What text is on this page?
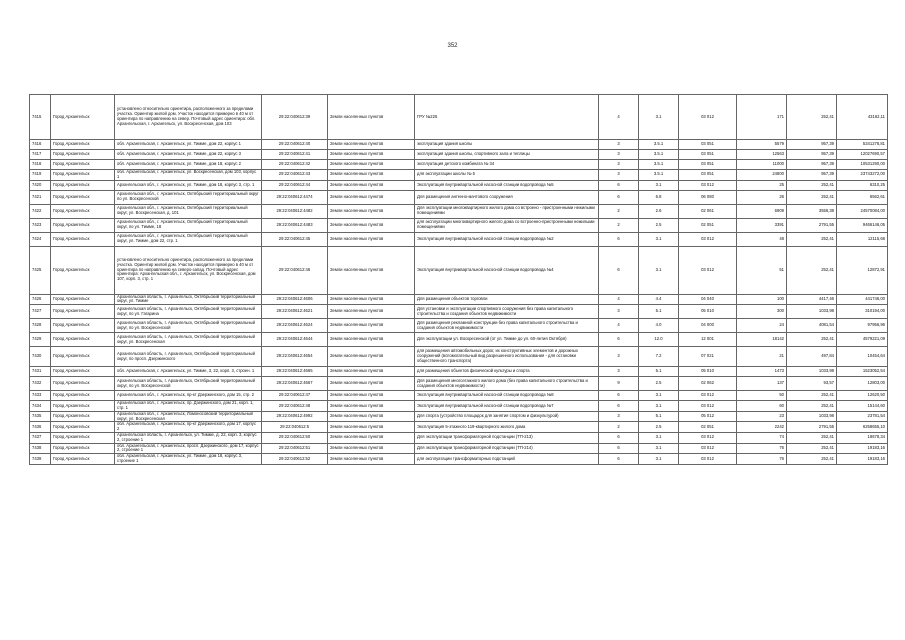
352
7415	Город Архангельск	установлено относительно ориентира, расположенного за пределами участка. Ориентир жилой дом. Участок находится примерно в 40 м от ориентира по направлению на север. Почтовый адрес ориентира: обл. Архангельская, г. Архангельск, ул. Воскресенская, дом 103	29:22:040612:39	Земли населенных пунктов	ГРУ №225	4	3.1	03 012	171	252,41	43162,11
7416	Город Архангельск	обл. Архангельская, г. Архангельск, ул. Тимме, дом 22, корпус 1	29:22:040612:40	Земли населенных пунктов	эксплуатация здания школы	3	3.5.1	03 051	5579	957,39	5341278,81
7417	Город Архангельск	обл. Архангельская, г. Архангельск, ул. Тимме, дом 22, корпус 3	29:22:040612:41	Земли населенных пунктов	эксплуатация здания школы, спортивного зала и теплицы	3	3.5.1	03 051	12563	957,39	12027690,57
7418	Город Архангельск	обл. Архангельская, г. Архангельск, ул. Тимме, дом 18, корпус 2	29:22:040612:42	Земли населенных пунктов	эксплуатация детского комбината № 34	3	3.5.1	03 051	11000	957,39	10531290,00
7419	Город Архангельск	обл. Архангельская, г. Архангельск, ул. Воскресенская, дом 103, корпус 1	29:22:040612:43	Земли населенных пунктов	для эксплуатации школы № 5	3	3.5.1	03 051	24800	957,39	23743272,00
7420	Город Архангельск	Архангельская обл., г. Архангельск, ул. Тимме, дом 18, корпус 3, стр. 1	29:22:040612:44	Земли населенных пунктов	Эксплуатация внутриквартальной насосной станции водопровода №5	6	3.1	03 012	25	252,41	6310,25
7421	Город Архангельск	Архангельская обл., г. Архангельск, Октябрьский территориальный округ по ул. Воскресенской	29:22:040612:4474	Земли населенных пунктов	Для размещения антенно-мачтового сооружения	6	6.8	06 080	26	252,41	6562,61
7422	Город Архангельск	Архангельская обл., г. Архангельск, Октябрьский территориальный округ, ул. Воскресенская, д. 101	29:22:040612:4482	Земли населенных пунктов	Для эксплуатации многоквартирного жилого дома со встроено - пристроенными нежилыми помещениями	2	2.6	02 061	6909	3556,38	24570084,00
7423	Город Архангельск	Архангельская обл., г. Архангельск, Октябрьский территориальный округ, по ул. Тимме, 18	29:22:040612:4483	Земли населенных пунктов	для эксплуатации многоквартирного жилого дома со встроенно-пристроенными нежилыми помещениями	2	2.5	02 051	3391	2791,55	9466146,05
7424	Город Архангельск	Архангельская обл., г. Архангельск, Октябрьский территориальный округ, ул. Тимме, дом 22, стр. 1	29:22:040612:45	Земли населенных пунктов	Эксплуатация внутриквартальной насосной станции водопровода №2	6	3.1	03 012	48	252,41	12115,68
7425	Город Архангельск	установлено относительно ориентира, расположенного за пределами участка. Ориентир жилой дом. Участок находится примерно в 40 м от ориентира по направлению на северо-запад. Почтовый адрес ориентира: Архангельская обл., г. Архангельск, ул. Воскресенская, дом 107, корп. 3, стр. 1	29:22:040612:46	Земли населенных пунктов	Эксплуатация внутриквартальной насосной станции водопровода №4	6	3.1	03 012	51	252,41	12872,91
7426	Город Архангельск	Архангельская область, г. Архангельск, Октябрьский территориальный округ, ул. Тимме	29:22:040612:4606	Земли населенных пунктов	Для размещения объектов торговли	4	4.4	04 040	100	4417,46	441746,00
7427	Город Архангельск	Архангельская область, г. Архангельск, Октябрьский территориальный округ, по ул. Гагарина	29:22:040612:4621	Земли населенных пунктов	Для установки и эксплуатации спортивного сооружения без права капитального строительства и создания объектов недвижимости	3	5.1	05 010	300	1033,98	310194,00
7428	Город Архангельск	Архангельская область, г. Архангельск, Октябрьский территориальный округ, по ул. Воскресенской	29:22:040612:4624	Земли населенных пунктов	Для размещения рекламной конструкции без права капитального строительства и создания объектов недвижимости	4	4.0	04 000	24	4081,54	97956,96
7429	Город Архангельск	Архангельская область, г. Архангельск, Октябрьский территориальный округ, ул. Воскресенская	29:22:040612:4644	Земли населенных пунктов	Для эксплуатации ул. Воскресенской (от ул. Тимме до ул. 60-летия Октября)	6	12.0	12 001	18142	252,41	4579221,09
7430	Город Архангельск	Архангельская область, г. Архангельск, Октябрьский территориальный округ, по просп. Дзержинского	29:22:040612:4654	Земли населенных пунктов	для размещения автомобильных дорог, их конструктивных элементов и дорожных сооружений (вспомогательный вид разрешенного использования - для остановки общественного транспорта)	3	7.2	07 021	21	497,84	10454,64
7431	Город Архангельск	обл. Архангельская, г. Архангельск, ул. Тимме, 3, 22, корп. 3, строен. 1	29:22:040612:4665	Земли населенных пунктов	для размещения объектов физической культуры и спорта	3	5.1	05 010	1473	1033,98	1523052,54
7432	Город Архангельск	Архангельская область, г. Архангельск, Октябрьский территориальный округ, по ул. Воскресенской	29:22:040612:4667	Земли населенных пунктов	Для размещения многоэтажного жилого дома (без права капитального строительства и создания объектов недвижимости)	9	2.5	02 062	137	93,57	12803,00
7433	Город Архангельск	Архангельская обл., г. Архангельск, пр-кт Дзержинского, дом 15, стр. 2	29:22:040612:47	Земли населенных пунктов	Эксплуатация внутриквартальной насосной станции водопровода №8	6	3.1	03 012	50	252,41	12620,50
7434	Город Архангельск	Архангельская обл., г. Архангельск, пр. Дзержинского, дом 21, корп. 1, стр. 1	29:22:040612:48	Земли населенных пунктов	Эксплуатация внутриквартальной насосной станции водопровода №7	6	3.1	03 012	60	252,41	15144,60
7435	Город Архангельск	Архангельская обл., г. Архангельск, Ломоносовский территориальный округ, ул. Воскресенская	29:22:040612:4992	Земли населенных пунктов	Для спорта (устройство площадок для занятия спортом и физкультурой)	3	5.1	05 012	23	1033,98	23781,54
7436	Город Архангельск	обл. Архангельская, г. Архангельск, пр-кт Дзержинского, дом 17, корпус 2	29:22:040612:5	Земли населенных пунктов	Эксплуатация 5-этажного 119-квартирного жилого дома	2	2.5	02 051	2242	2791,55	6258655,10
7437	Город Архангельск	Архангельская область, г. Архангельск, ул. Тимме, д. 22, корп. 3, корпус 2, строение 1	29:22:040612:50	Земли населенных пунктов	Для эксплуатации трансформаторной подстанции (ТП-213)	6	3.1	03 012	74	252,41	18678,34
7438	Город Архангельск	обл. Архангельская, г. Архангельск, просп. Дзержинского, дом 17, корпус 2, строение 1	29:22:040612:51	Земли населенных пунктов	Для эксплуатации трансформаторной подстанции (ТП-214)	6	3.1	03 012	76	252,41	19183,16
7439	Город Архангельск	обл. Архангельская, г. Архангельск, ул. Тимме, дом 18, корпус 3, строение 1	29:22:040612:52	Земли населенных пунктов	для эксплуатации трансформаторных подстанций	6	3.1	03 012	76	252,41	19183,16
